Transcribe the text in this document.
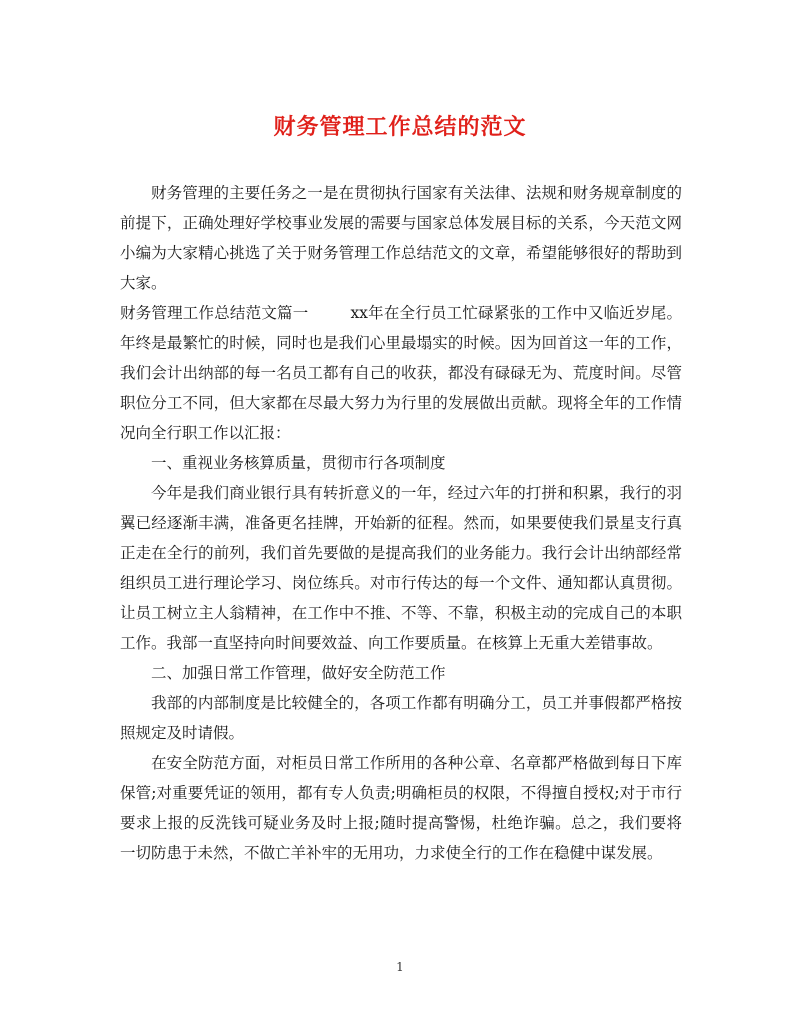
财务管理工作总结的范文

财务管理的主要任务之一是在贯彻执行国家有关法律、法规和财务规章制度的前提下，正确处理好学校事业发展的需要与国家总体发展目标的关系，今天范文网小编为大家精心挑选了关于财务管理工作总结范文的文章，希望能够很好的帮助到大家。

财务管理工作总结范文篇一	xx年在全行员工忙碌紧张的工作中又临近岁尾。年终是最繁忙的时候，同时也是我们心里最塌实的时候。因为回首这一年的工作，我们会计出纳部的每一名员工都有自己的收获，都没有碌碌无为、荒度时间。尽管职位分工不同，但大家都在尽最大努力为行里的发展做出贡献。现将全年的工作情况向全行职工作以汇报：

一、重视业务核算质量，贯彻市行各项制度

今年是我们商业银行具有转折意义的一年，经过六年的打拼和积累，我行的羽翼已经逐渐丰满，准备更名挂牌，开始新的征程。然而，如果要使我们景星支行真正走在全行的前列，我们首先要做的是提高我们的业务能力。我行会计出纳部经常组织员工进行理论学习、岗位练兵。对市行传达的每一个文件、通知都认真贯彻。让员工树立主人翁精神，在工作中不推、不等、不靠，积极主动的完成自己的本职工作。我部一直坚持向时间要效益、向工作要质量。在核算上无重大差错事故。

二、加强日常工作管理，做好安全防范工作

我部的内部制度是比较健全的，各项工作都有明确分工，员工并事假都严格按照规定及时请假。

在安全防范方面，对柜员日常工作所用的各种公章、名章都严格做到每日下库保管;对重要凭证的领用，都有专人负责;明确柜员的权限，不得擅自授权;对于市行要求上报的反洗钱可疑业务及时上报;随时提高警惕，杜绝诈骗。总之，我们要将一切防患于未然，不做亡羊补牢的无用功，力求使全行的工作在稳健中谋发展。

1
